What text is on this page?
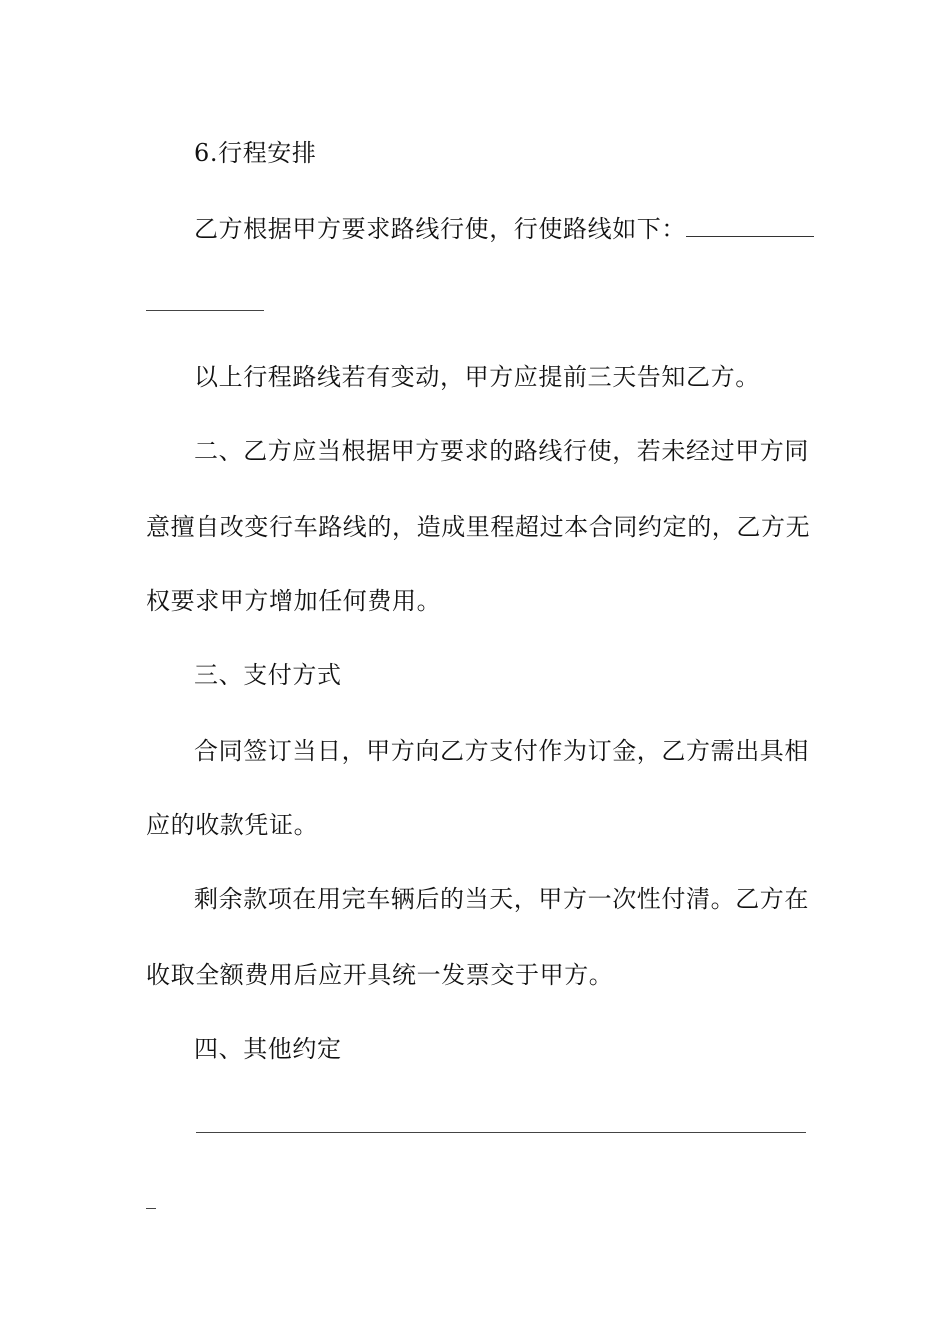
6.行程安排
乙方根据甲方要求路线行使，行使路线如下：
以上行程路线若有变动，甲方应提前三天告知乙方。
二、乙方应当根据甲方要求的路线行使，若未经过甲方同
意擅自改变行车路线的，造成里程超过本合同约定的，乙方无
权要求甲方增加任何费用。
三、支付方式
合同签订当日，甲方向乙方支付作为订金，乙方需出具相
应的收款凭证。
剩余款项在用完车辆后的当天，甲方一次性付清。乙方在
收取全额费用后应开具统一发票交于甲方。
四、其他约定
